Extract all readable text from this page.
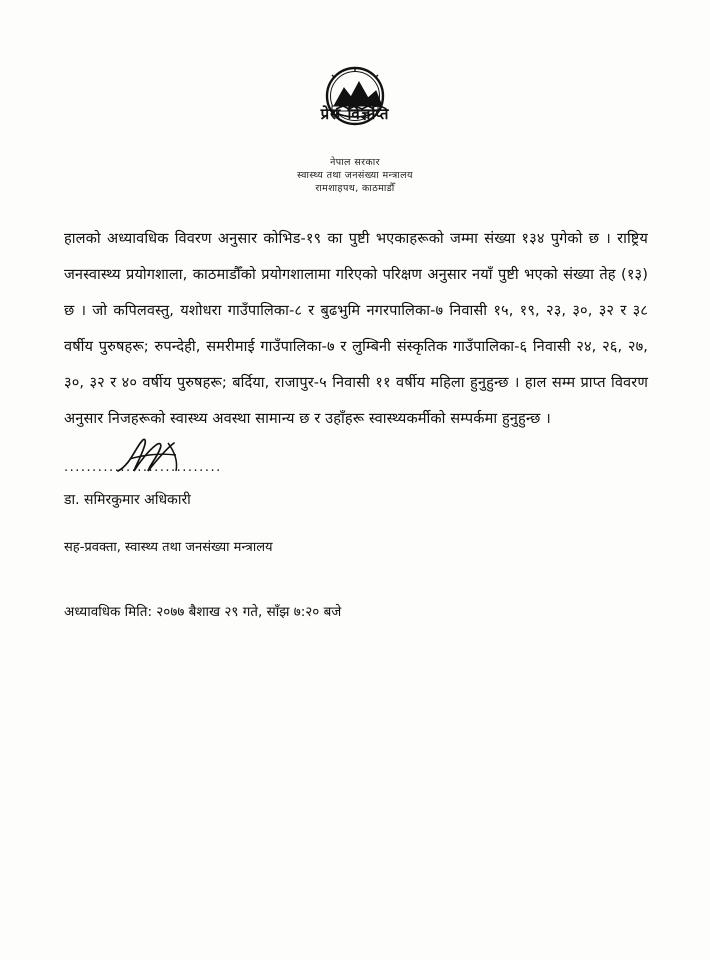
प्रेस विज्ञप्ति
नेपाल सरकार
स्वास्थ्य तथा जनसंख्या मन्त्रालय
रामशाहपथ, काठमाडौँ

हालको अध्यावधिक विवरण अनुसार कोभिड-१९ का पुष्टी भएकाहरूको जम्मा संख्या १३४ पुगेको छ । राष्ट्रिय जनस्वास्थ्य प्रयोगशाला, काठमाडौँको प्रयोगशालामा गरिएको परिक्षण अनुसार नयाँ पुष्टी भएको संख्या तेह (१३) छ । जो कपिलवस्तु, यशोधरा गाउँपालिका-८ र बुढभुमि नगरपालिका-७ निवासी १५, १९, २३, ३०, ३२ र ३८ वर्षीय पुरुषहरू; रुपन्देही, समरीमाई गाउँपालिका-७ र लुम्बिनी संस्कृतिक गाउँपालिका-६ निवासी २४, २६, २७, ३०, ३२ र ४० वर्षीय पुरुषहरू; बर्दिया, राजापुर-५ निवासी ११ वर्षीय महिला हुनुहुन्छ । हाल सम्म प्राप्त विवरण अनुसार निजहरूको स्वास्थ्य अवस्था सामान्य छ र उहाँहरू स्वास्थ्यकर्मीको सम्पर्कमा हुनुहुन्छ ।

............................
डा. समिरकुमार अधिकारी
सह-प्रवक्ता, स्वास्थ्य तथा जनसंख्या मन्त्रालय
अध्यावधिक मिति: २०७७ बैशाख २९ गते, साँझ ७:२० बजे
